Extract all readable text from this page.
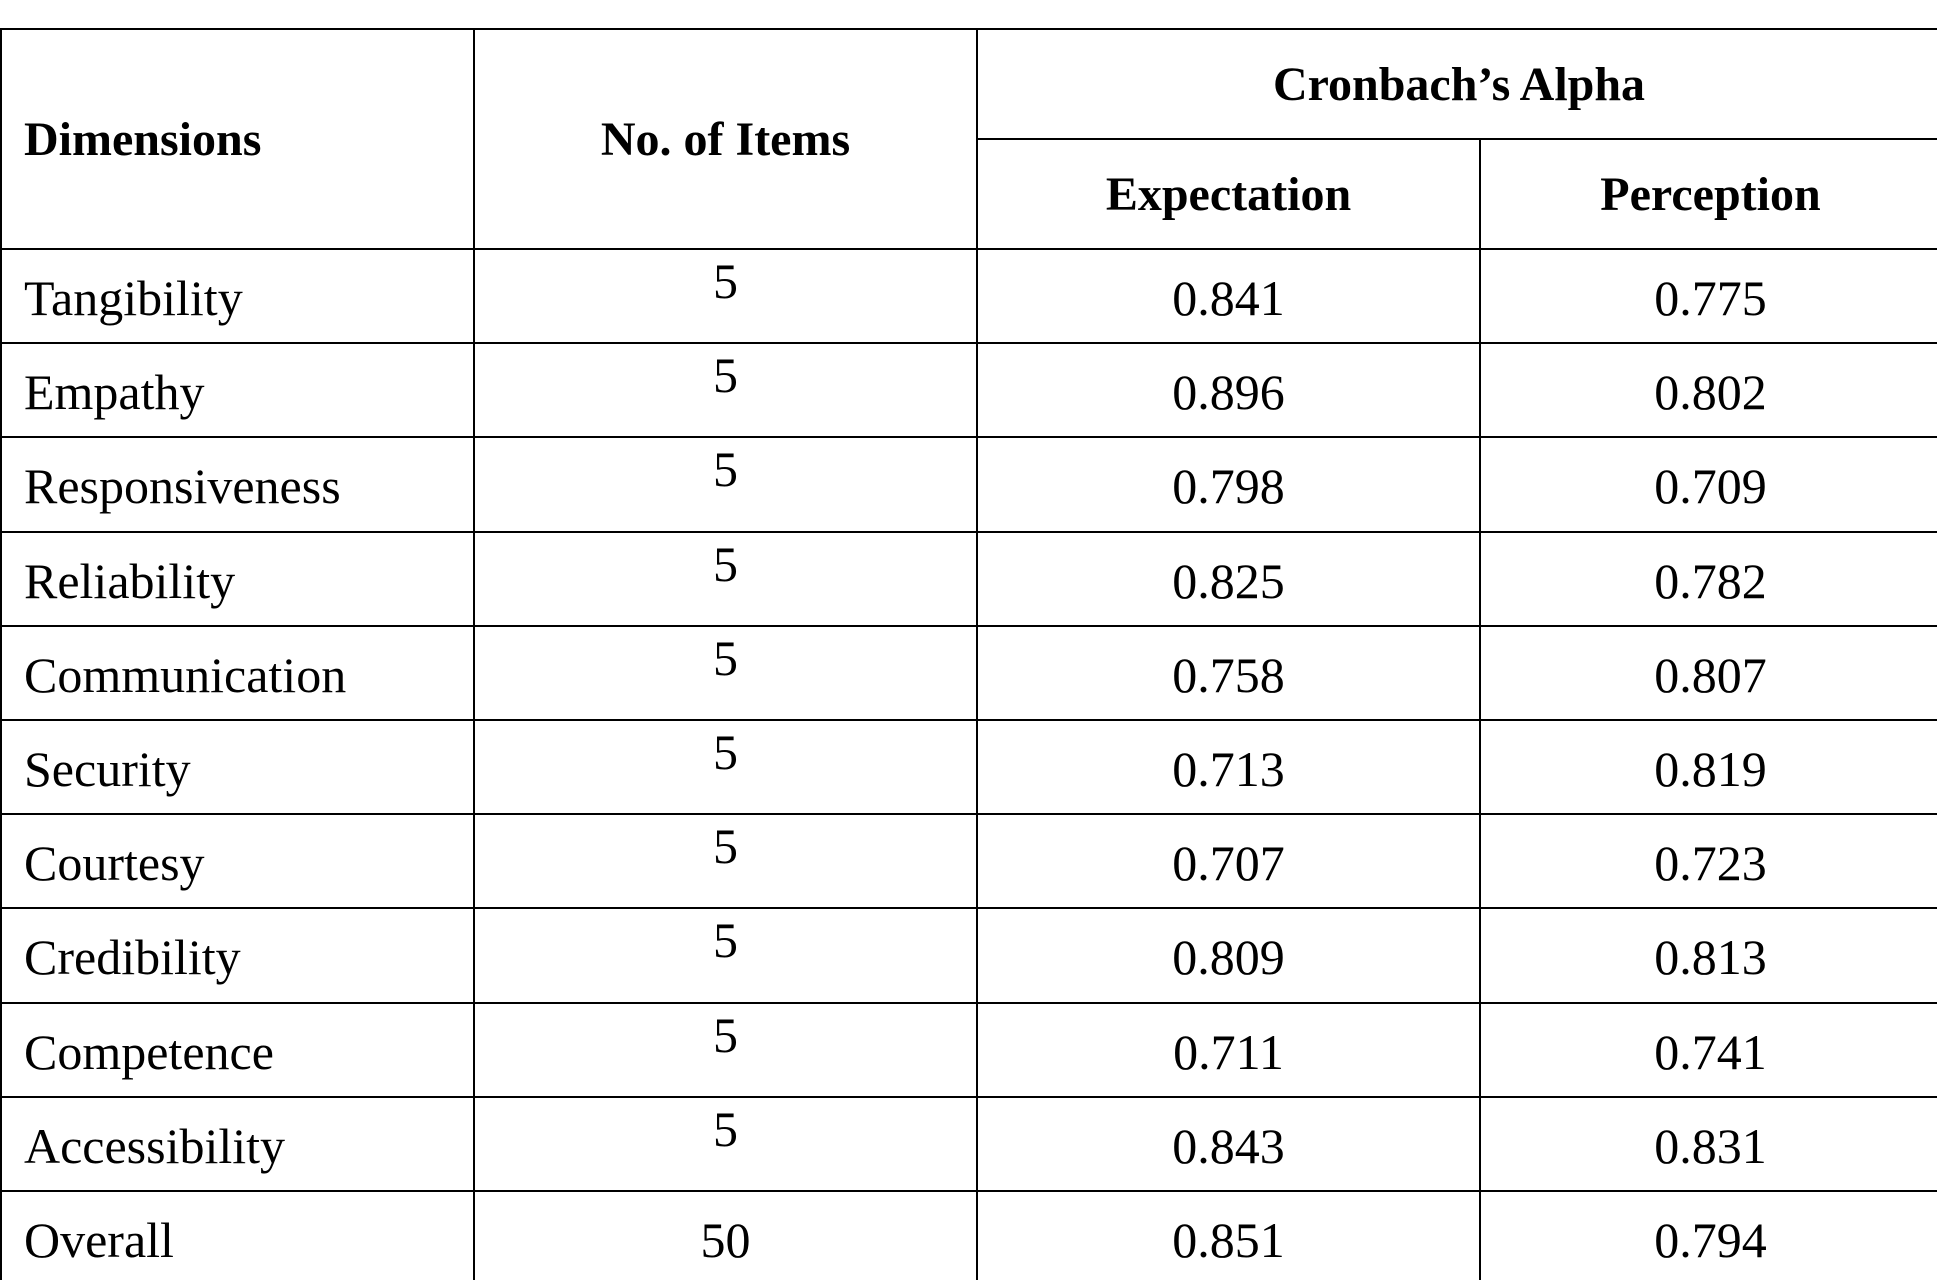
Dimensions	No. of Items	Cronbach’s Alpha	
		Expectation	Perception
Tangibility	5	0.841	0.775
Empathy	5	0.896	0.802
Responsiveness	5	0.798	0.709
Reliability	5	0.825	0.782
Communication	5	0.758	0.807
Security	5	0.713	0.819
Courtesy	5	0.707	0.723
Credibility	5	0.809	0.813
Competence	5	0.711	0.741
Accessibility	5	0.843	0.831
Overall	50	0.851	0.794
